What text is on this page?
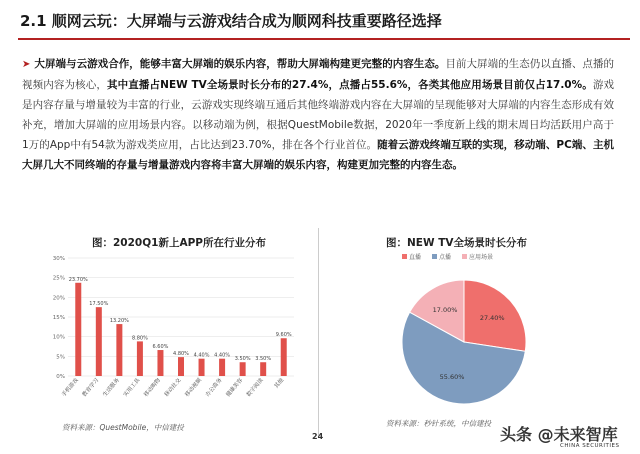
2.1 顺网云玩：大屏端与云游戏结合成为顺网科技重要路径选择
➤ 大屏端与云游戏合作，能够丰富大屏端的娱乐内容，帮助大屏端构建更完整的内容生态。目前大屏端的生态仍以直播、点播的视频内容为核心，其中直播占NEW TV全场景时长分布的27.4%，点播占55.6%，各类其他应用场景目前仅占17.0%。游戏是内容存量与增量较为丰富的行业，云游戏实现终端互通后其他终端游戏内容在大屏端的呈现能够对大屏端的内容生态形成有效补充，增加大屏端的应用场景内容。以移动端为例，根据QuestMobile数据，2020年一季度新上线的期末周日均活跃用户高于1万的App中有54款为游戏类应用，占比达到23.70%，排在各个行业首位。随着云游戏终端互联的实现，移动端、PC端、主机大屏几大不同终端的存量与增量游戏内容将丰富大屏端的娱乐内容，构建更加完整的内容生态。
图：2020Q1新上APP所在行业分布	图：NEW TV全场景时长分布
0%
5%
10%
15%
20%
25%
30%
23.70%
手机游戏
17.50%
教育学习
13.20%
生活服务
8.80%
实用工具
6.60%
移动购物
4.80%
移动社交
4.40%
移动视频
4.40%
办公商务
3.50%
健康美容
3.50%
数字阅读
9.60%
其他
直播	点播	应用场景
27.40%
55.60%
17.00%
资料来源：QuestMobile，中信建投	资料来源：秒针系统，中信建投
24	头条 @未来智库
CHINA SECURITIES
